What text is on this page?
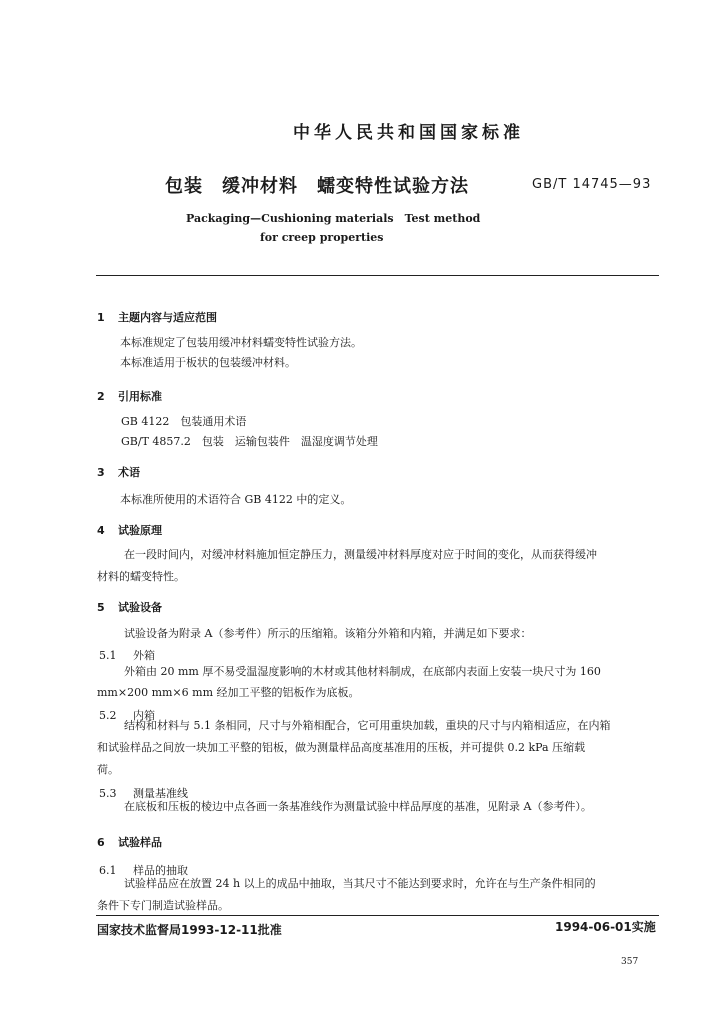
中华人民共和国国家标准
包装　缓冲材料　蠕变特性试验方法	GB/T 14745—93
Packaging—Cushioning materials　Test method
for creep properties
1 主题内容与适应范围
本标准规定了包装用缓冲材料蠕变特性试验方法。
本标准适用于板状的包装缓冲材料。
2 引用标准
GB 4122　包装通用术语
GB/T 4857.2　包装　运输包装件　温湿度调节处理
3 术语
本标准所使用的术语符合 GB 4122 中的定义。
4 试验原理
在一段时间内，对缓冲材料施加恒定静压力，测量缓冲材料厚度对应于时间的变化，从而获得缓冲
材料的蠕变特性。
5 试验设备
试验设备为附录 A（参考件）所示的压缩箱。该箱分外箱和内箱，并满足如下要求：
5.1 外箱
外箱由 20 mm 厚不易受温湿度影响的木材或其他材料制成，在底部内表面上安装一块尺寸为 160
mm×200 mm×6 mm 经加工平整的铝板作为底板。
5.2 内箱
结构和材料与 5.1 条相同，尺寸与外箱相配合，它可用重块加载，重块的尺寸与内箱相适应，在内箱
和试验样品之间放一块加工平整的铝板，做为测量样品高度基准用的压板，并可提供 0.2 kPa 压缩载
荷。
5.3 测量基准线
在底板和压板的棱边中点各画一条基准线作为测量试验中样品厚度的基准，见附录 A（参考件）。
6 试验样品
6.1 样品的抽取
试验样品应在放置 24 h 以上的成品中抽取，当其尺寸不能达到要求时，允许在与生产条件相同的
条件下专门制造试验样品。
国家技术监督局1993-12-11批准	1994-06-01实施
357
